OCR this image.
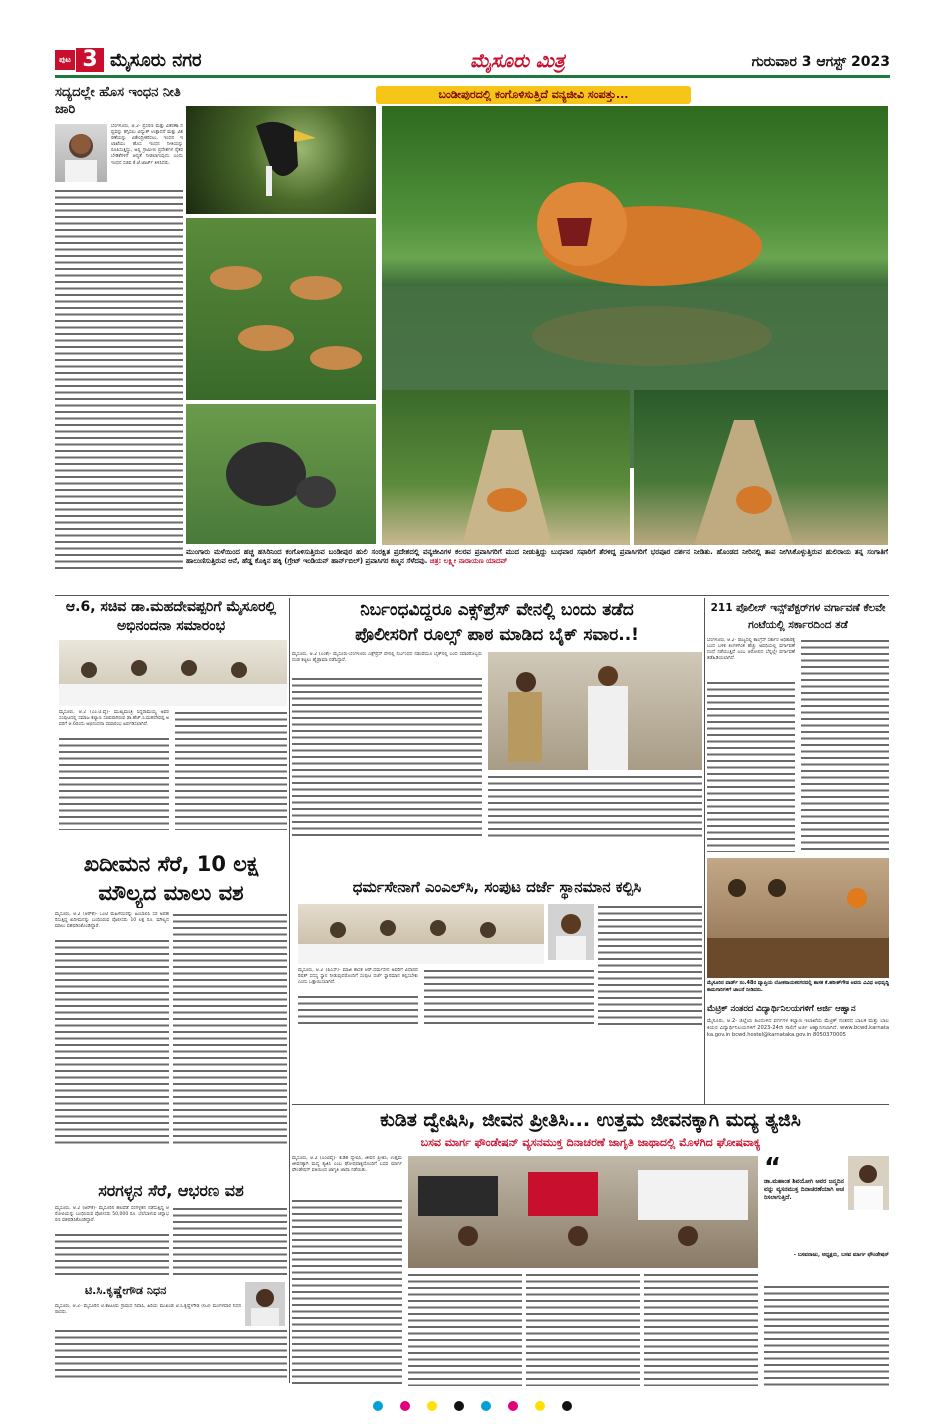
ಪುಟ 3 ಮೈಸೂರು ನಗರ	ಮೈಸೂರು ಮಿತ್ರ	ಗುರುವಾರ 3 ಆಗಸ್ಟ್ 2023
ಸದ್ಯದಲ್ಲೇ ಹೊಸ ಇಂಧನ ನೀತಿ ಜಾರಿ
ಬೆಂಗಳೂರು, ಆ.2- ಪ್ರಸರಣ ಮತ್ತು ವಿತರಣಾ ನಷ್ಟವನ್ನು ತಗ್ಗಿಸಲು ವಿದ್ಯುತ್ ಉತ್ಪಾದನೆ ಮತ್ತು ವಿತರಣೆಯನ್ನು ವಿಕೇಂದ್ರೀಕರಿಸಲು, ಇಂಧನ ಇಲಾಖೆಯು ಹೊಸ ಇಂಧನ ನೀತಿಯನ್ನು ರೂಪಿಸುತ್ತಿದ್ದು, ಅಲ್ಲಿ ಗ್ರಾಮೀಣ ಪ್ರದೇಶಗಳ ರೈತರ ಬೇಡಿಕೆಗಳಿಗೆ ಆದ್ಯತೆ ನೀಡಲಾಗುವುದು ಎಂದು ಇಂಧನ ಸಚಿವ ಕೆ.ಜೆ.ಜಾರ್ಜ್ ತಿಳಿಸಿದರು.
ಬಂಡೀಪುರದಲ್ಲಿ ಕಂಗೊಳಿಸುತ್ತಿದೆ ವನ್ಯಜೀವಿ ಸಂಪತ್ತು...
ಮುಂಗಾರು ಮಳೆಯಿಂದ ಹಚ್ಚ ಹಸಿರಿನಿಂದ ಕಂಗೊಳಿಸುತ್ತಿರುವ ಬಂಡೀಪುರ ಹುಲಿ ಸಂರಕ್ಷಿತ ಪ್ರದೇಶದಲ್ಲಿ ವನ್ಯಜೀವಿಗಳ ಕಲರವ ಪ್ರವಾಸಿಗರಿಗೆ ಮುದ ನೀಡುತ್ತಿದ್ದು ಬುಧವಾರ ಸಫಾರಿಗೆ ತೆರಳಿದ್ದ ಪ್ರವಾಸಿಗರಿಗೆ ಭರಪೂರ ದರ್ಶನ ನೀಡಿತು. ಹೊಂಡದ ನೀರಿನಲ್ಲಿ ತಾಪ ನೀಗಿಸಿಕೊಳ್ಳುತ್ತಿರುವ ಹುಲಿರಾಯ ತನ್ನ ಸಂಗಾತಿಗೆ ಹಾಲುಣಿಸುತ್ತಿರುವ ಆನೆ, ಹೆಡ್ಡ ಕೊಕ್ಕಿನ ಹಕ್ಕಿ (ಗ್ರೇಟ್ ಇಂಡಿಯನ್ ಹಾರ್ನ್‌ಬಿಲ್) ಪ್ರವಾಸಿಗರ ಕಣ್ಮನ ಸೆಳೆದವು. ಚಿತ್ರ: ಲಕ್ಷ್ಮೀ ನಾರಾಯಣ ಯಾದವ್
ಆ.6, ಸಚಿವ ಡಾ.ಮಹದೇವಪ್ಪರಿಗೆ ಮೈಸೂರಲ್ಲಿ ಅಭಿನಂದನಾ ಸಮಾರಂಭ
ಮೈಸೂರು, ಆ.2 (ಎಂ.ಟಿ.ವೈ)- ಮುಖ್ಯಮಂತ್ರಿ ಸಿದ್ದರಾಮಯ್ಯ ಅವರ ಸಂಪುಟದಲ್ಲಿ ಸಮಾಜ ಕಲ್ಯಾಣ ಸಚಿವರಾಗಿರುವ ಡಾ.ಹೆಚ್.ಸಿ.ಮಹದೇವಪ್ಪ ಅವರಿಗೆ ಆ.6ರಂದು ಅಭಿನಂದನಾ ಸಮಾರಂಭ ಏರ್ಪಡಿಸಲಾಗಿದೆ.
ನಿರ್ಬಂಧವಿದ್ದರೂ ಎಕ್ಸ್‌ಪ್ರೆಸ್ ವೇನಲ್ಲಿ ಬಂದು ತಡೆದ
ಪೊಲೀಸರಿಗೆ ರೂಲ್ಸ್ ಪಾಠ ಮಾಡಿದ ಬೈಕ್ ಸವಾರ..!
ಮೈಸೂರು, ಆ.2 (ಎಂಕೆ)- ಮೈಸೂರು-ಬೆಂಗಳೂರು ಎಕ್ಸ್‌ಪ್ರೆಸ್ ವೇನಲ್ಲಿ ನಿರ್ಬಂಧದ ನಡುವೆಯೂ ಬೈಕ್‌ನಲ್ಲಿ ಬಂದ ಸವಾರರೊಬ್ಬರು ದಂಡ ಕಟ್ಟಲು ಹೈಡ್ರಾಮಾ ನಡೆಸಿದ್ದಾರೆ.
211 ಪೊಲೀಸ್ ಇನ್ಸ್‌ಪೆಕ್ಟರ್‌ಗಳ ವರ್ಗಾವಣೆ ಕೆಲವೇ ಗಂಟೆಯಲ್ಲಿ ಸರ್ಕಾರದಿಂದ ತಡೆ
ಬೆಂಗಳೂರು, ಆ.2- ರಾಜ್ಯದಲ್ಲಿ ಕಾಂಗ್ರೆಸ್ ಸರ್ಕಾರ ಅಧಿಕಾರಕ್ಕೆ ಬಂದ ಬಳಿಕ ತಿಂಗಳಿಗಿಂತ ಹೆಚ್ಚು ಅವಧಿಯಲ್ಲಿ ವರ್ಗಾವಣೆ ದಂಧೆ ನಡೆಯುತ್ತಿದೆ ಎಂಬ ಆರೋಪದ ಬೆನ್ನಲ್ಲೇ ವರ್ಗಾವಣೆ ತಡೆಹಿಡಿಯಲಾಗಿದೆ.
ಧರ್ಮಸೇನಾಗೆ ಎಂಎಲ್‌ಸಿ, ಸಂಪುಟ ದರ್ಜೆ ಸ್ಥಾನಮಾನ ಕಲ್ಪಿಸಿ
ಮೈಸೂರು, ಆ.2 (ಪಿಎಸ್)- ಮಾಜಿ ಶಾಸಕ ಆರ್.ಧರ್ಮಸೇನ ಅವರಿಗೆ ವಿಧಾನಪರಿಷತ್ ಸದಸ್ಯ ಸ್ಥಾನ ನೀಡುವುದರೊಂದಿಗೆ ಸಂಪುಟ ದರ್ಜೆ ಸ್ಥಾನಮಾನ ಕಲ್ಪಿಸಬೇಕು ಎಂದು ಒತ್ತಾಯಿಸಲಾಗಿದೆ.	ಮೈಸೂರಿನ ವಾರ್ಡ್ ನಂ.48ರ ವ್ಯಾಪ್ತಿಯ ಲೋಕನಾಯಕನಗರದಲ್ಲಿ ಶಾಸಕ ಕೆ.ಹರೀಶ್‌ಗೌಡ ಅವರು ವಿವಿಧ ಅಭಿವೃದ್ಧಿ ಕಾಮಗಾರಿಗಳಿಗೆ ಚಾಲನೆ ನೀಡಿದರು.
ಮೆಟ್ರಿಕ್ ನಂತರದ ವಿದ್ಯಾರ್ಥಿನಿಲಯಗಳಿಗೆ ಅರ್ಜಿ ಆಹ್ವಾನ
ಮೈಸೂರು, ಆ.2- ಜಿಲ್ಲೆಯ ಹಿಂದುಳಿದ ವರ್ಗಗಳ ಕಲ್ಯಾಣ ಇಲಾಖೆಯ ಮೆಟ್ರಿಕ್ ನಂತರದ ಬಾಲಕ ಮತ್ತು ಬಾಲಕಿಯರ ವಿದ್ಯಾರ್ಥಿನಿಲಯಗಳಿಗೆ 2023-24ನೇ ಸಾಲಿಗೆ ಅರ್ಜಿ ಆಹ್ವಾನಿಸಲಾಗಿದೆ. www.bcwd.karnataka.gov.in bcwd.hostel@karnataka.gov.in 8050370005
ಖದೀಮನ ಸೆರೆ, 10 ಲಕ್ಷ ಮೌಲ್ಯದ ಮಾಲು ವಶ
ಮೈಸೂರು, ಆ.2 (ಆರ್‌ಕೆ)- ಒಂಟಿ ಮಹಿಳೆಯರನ್ನು ಹಿಂಬಾಲಿಸಿ ಸರ ಅಪಹರಿಸುತ್ತಿದ್ದ ಖದೀಮನನ್ನು ಬಂಧಿಸಿರುವ ಪೊಲೀಸರು 10 ಲಕ್ಷ ರೂ. ಮೌಲ್ಯದ ಮಾಲು ವಶಪಡಿಸಿಕೊಂಡಿದ್ದಾರೆ.
ಸರಗಳ್ಳನ ಸೆರೆ, ಆಭರಣ ವಶ
ಮೈಸೂರು, ಆ.2 (ಆರ್‌ಕೆ)- ಮೈಸೂರಿನ ಹಲವೆಡೆ ಸರಗಳ್ಳತನ ನಡೆಸುತ್ತಿದ್ದ ಆರೋಪಿಯನ್ನು ಬಂಧಿಸಿರುವ ಪೊಲೀಸರು 50,000 ರೂ. ಬೆಲೆಬಾಳುವ ಚಿನ್ನಾಭರಣ ವಶಪಡಿಸಿಕೊಂಡಿದ್ದಾರೆ.
ಟಿ.ಸಿ.ಕೃಷ್ಣೇಗೌಡ ನಿಧನ
ಮೈಸೂರು, ಆ.2- ಮೈಸೂರಿನ ಟಿ.ಕಾಟೂರು ಗ್ರಾಮದ ನಿವಾಸಿ, ಹಿರಿಯ ಮುಖಂಡ ಟಿ.ಸಿ.ಕೃಷ್ಣೇಗೌಡ (63) ಮಂಗಳವಾರ ನಿಧನರಾದರು.
ಕುಡಿತ ದ್ವೇಷಿಸಿ, ಜೀವನ ಪ್ರೀತಿಸಿ... ಉತ್ತಮ ಜೀವನಕ್ಕಾಗಿ ಮದ್ಯ ತ್ಯಜಿಸಿ
ಬಸವ ಮಾರ್ಗ ಫೌಂಡೇಷನ್ ವ್ಯಸನಮುಕ್ತ ದಿನಾಚರಣೆ ಜಾಗೃತಿ ಜಾಥಾದಲ್ಲಿ ಮೊಳಗಿದ ಘೋಷವಾಕ್ಯ
ಮೈಸೂರು, ಆ.2 (ಎಂಟಿವೈ)- ಕುಡಿತ ದ್ವೇಷಿಸಿ, ಜೀವನ ಪ್ರೀತಿಸಿ, ಉತ್ತಮ ಜೀವನಕ್ಕಾಗಿ ಮದ್ಯ ತ್ಯಜಿಸಿ ಎಂಬ ಘೋಷವಾಕ್ಯದೊಂದಿಗೆ ಬಸವ ಮಾರ್ಗ ಫೌಂಡೇಷನ್ ವತಿಯಿಂದ ಜಾಗೃತಿ ಜಾಥಾ ನಡೆಯಿತು.	“
ಡಾ.ಮಹಾಂತ ಶಿವಯೋಗಿ ಅವರ ಜನ್ಮದಿನವನ್ನು ವ್ಯಸನಮುಕ್ತ ದಿನಾಚರಣೆಯಾಗಿ ಆಚರಿಸಲಾಗುತ್ತಿದೆ.
- ಬಸವರಾಜು, ಅಧ್ಯಕ್ಷರು, ಬಸವ ಮಾರ್ಗ ಫೌಂಡೇಷನ್
